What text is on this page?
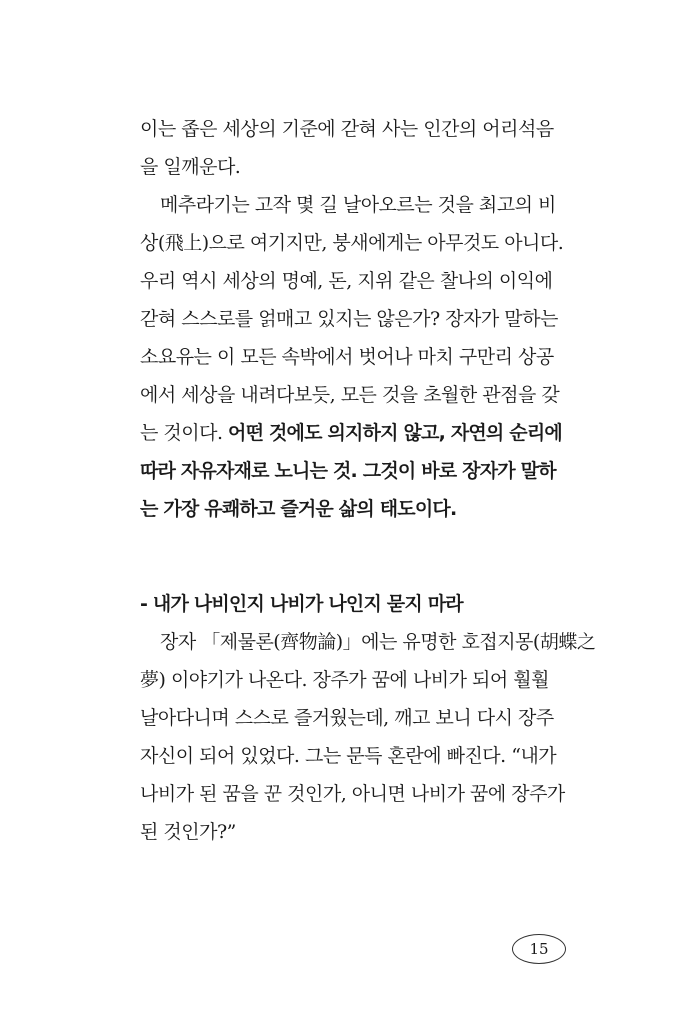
이는 좁은 세상의 기준에 갇혀 사는 인간의 어리석음
을 일깨운다.
메추라기는 고작 몇 길 날아오르는 것을 최고의 비
상(飛上)으로 여기지만, 붕새에게는 아무것도 아니다.
우리 역시 세상의 명예, 돈, 지위 같은 찰나의 이익에
갇혀 스스로를 얽매고 있지는 않은가? 장자가 말하는
소요유는 이 모든 속박에서 벗어나 마치 구만리 상공
에서 세상을 내려다보듯, 모든 것을 초월한 관점을 갖
는 것이다. 어떤 것에도 의지하지 않고, 자연의 순리에
따라 자유자재로 노니는 것. 그것이 바로 장자가 말하
는 가장 유쾌하고 즐거운 삶의 태도이다.
- 내가 나비인지 나비가 나인지 묻지 마라
장자 「제물론(齊物論)」에는 유명한 호접지몽(胡蝶之
夢) 이야기가 나온다. 장주가 꿈에 나비가 되어 훨훨
날아다니며 스스로 즐거웠는데, 깨고 보니 다시 장주
자신이 되어 있었다. 그는 문득 혼란에 빠진다. “내가
나비가 된 꿈을 꾼 것인가, 아니면 나비가 꿈에 장주가
된 것인가?”
15
